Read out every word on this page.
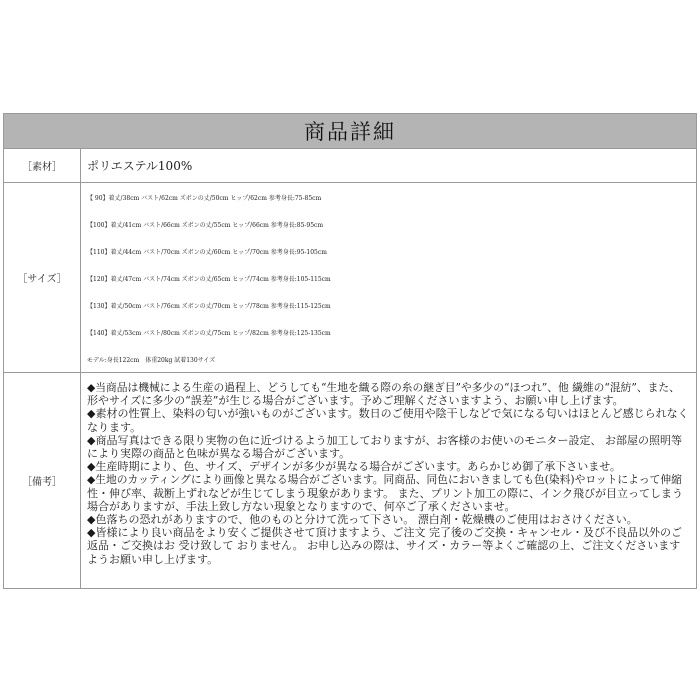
商品詳細
［素材］	ポリエステル100%
［サイズ］
【 90】着丈/38cm バスト/62cm ズボンの丈/50cm ヒップ/62cm 参考身長:75-85cm
【100】着丈/41cm バスト/66cm ズボンの丈/55cm ヒップ/66cm 参考身長:85-95cm
【110】着丈/44cm バスト/70cm ズボンの丈/60cm ヒップ/70cm 参考身長:95-105cm
【120】着丈/47cm バスト/74cm ズボンの丈/65cm ヒップ/74cm 参考身長:105-115cm
【130】着丈/50cm バスト/76cm ズボンの丈/70cm ヒップ/78cm 参考身長:115-125cm
【140】着丈/53cm バスト/80cm ズボンの丈/75cm ヒップ/82cm 参考身長:125-135cm
モデル:身長122cm　体重20kg 試着130サイズ
［備考］
◆当商品は機械による生産の過程上、どうしても“生地を織る際の糸の継ぎ目”や多少の“ほつれ”、他 繊維の“混紡”、また、
形やサイズに多少の“誤差”が生じる場合がございます。予めご理解くださいますよう、お願い申し上げます。
◆素材の性質上、染料の匂いが強いものがございます。数日のご使用や陰干しなどで気になる匂いはほとんど感じられなく
なります。
◆商品写真はできる限り実物の色に近づけるよう加工しておりますが、お客様のお使いのモニター設定、 お部屋の照明等
により実際の商品と色味が異なる場合がございます。
◆生産時期により、色、サイズ、デザインが多少が異なる場合がございます。あらかじめ御了承下さいませ。
◆生地のカッティングにより画像と異なる場合がございます。同商品、同色においきましても色(染料)やロットによって伸縮
性・伸び率、裁断上ずれなどが生じてしまう現象があります。 また、プリント加工の際に、インク飛びが目立ってしまう
場合がありますが、手法上致し方ない現象となりますので、何卒ご了承くださいませ。
◆色落ちの恐れがありますので、他のものと分けて洗って下さい。 漂白剤・乾燥機のご使用はおさけください。
◆皆様により良い商品をより安くご提供させて頂けますよう、ご注文 完了後のご交換・キャンセル・及び不良品以外のご
返品・ご交換はお 受け致して おりません。 お申し込みの際は、サイズ・カラー等よくご確認の上、ご注文くださいます
ようお願い申し上げます。
